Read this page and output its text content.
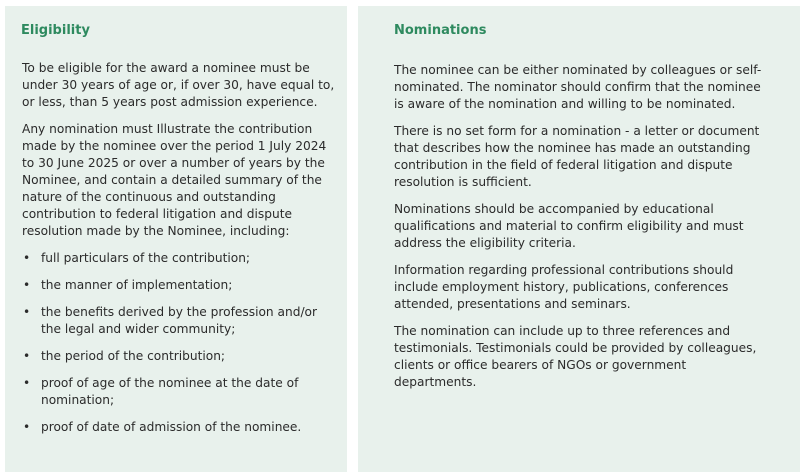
Eligibility

To be eligible for the award a nominee must be under 30 years of age or, if over 30, have equal to, or less, than 5 years post admission experience.

Any nomination must Illustrate the contribution made by the nominee over the period 1 July 2024 to 30 June 2025 or over a number of years by the Nominee, and contain a detailed summary of the nature of the continuous and outstanding contribution to federal litigation and dispute resolution made by the Nominee, including:

• full particulars of the contribution;
• the manner of implementation;
• the benefits derived by the profession and/or the legal and wider community;
• the period of the contribution;
• proof of age of the nominee at the date of nomination;
• proof of date of admission of the nominee.
Nominations

The nominee can be either nominated by colleagues or self- nominated. The nominator should confirm that the nominee is aware of the nomination and willing to be nominated.

There is no set form for a nomination - a letter or document that describes how the nominee has made an outstanding contribution in the field of federal litigation and dispute resolution is sufficient.

Nominations should be accompanied by educational qualifications and material to confirm eligibility and must address the eligibility criteria.

Information regarding professional contributions should include employment history, publications, conferences attended, presentations and seminars.

The nomination can include up to three references and testimonials. Testimonials could be provided by colleagues, clients or office bearers of NGOs or government departments.
